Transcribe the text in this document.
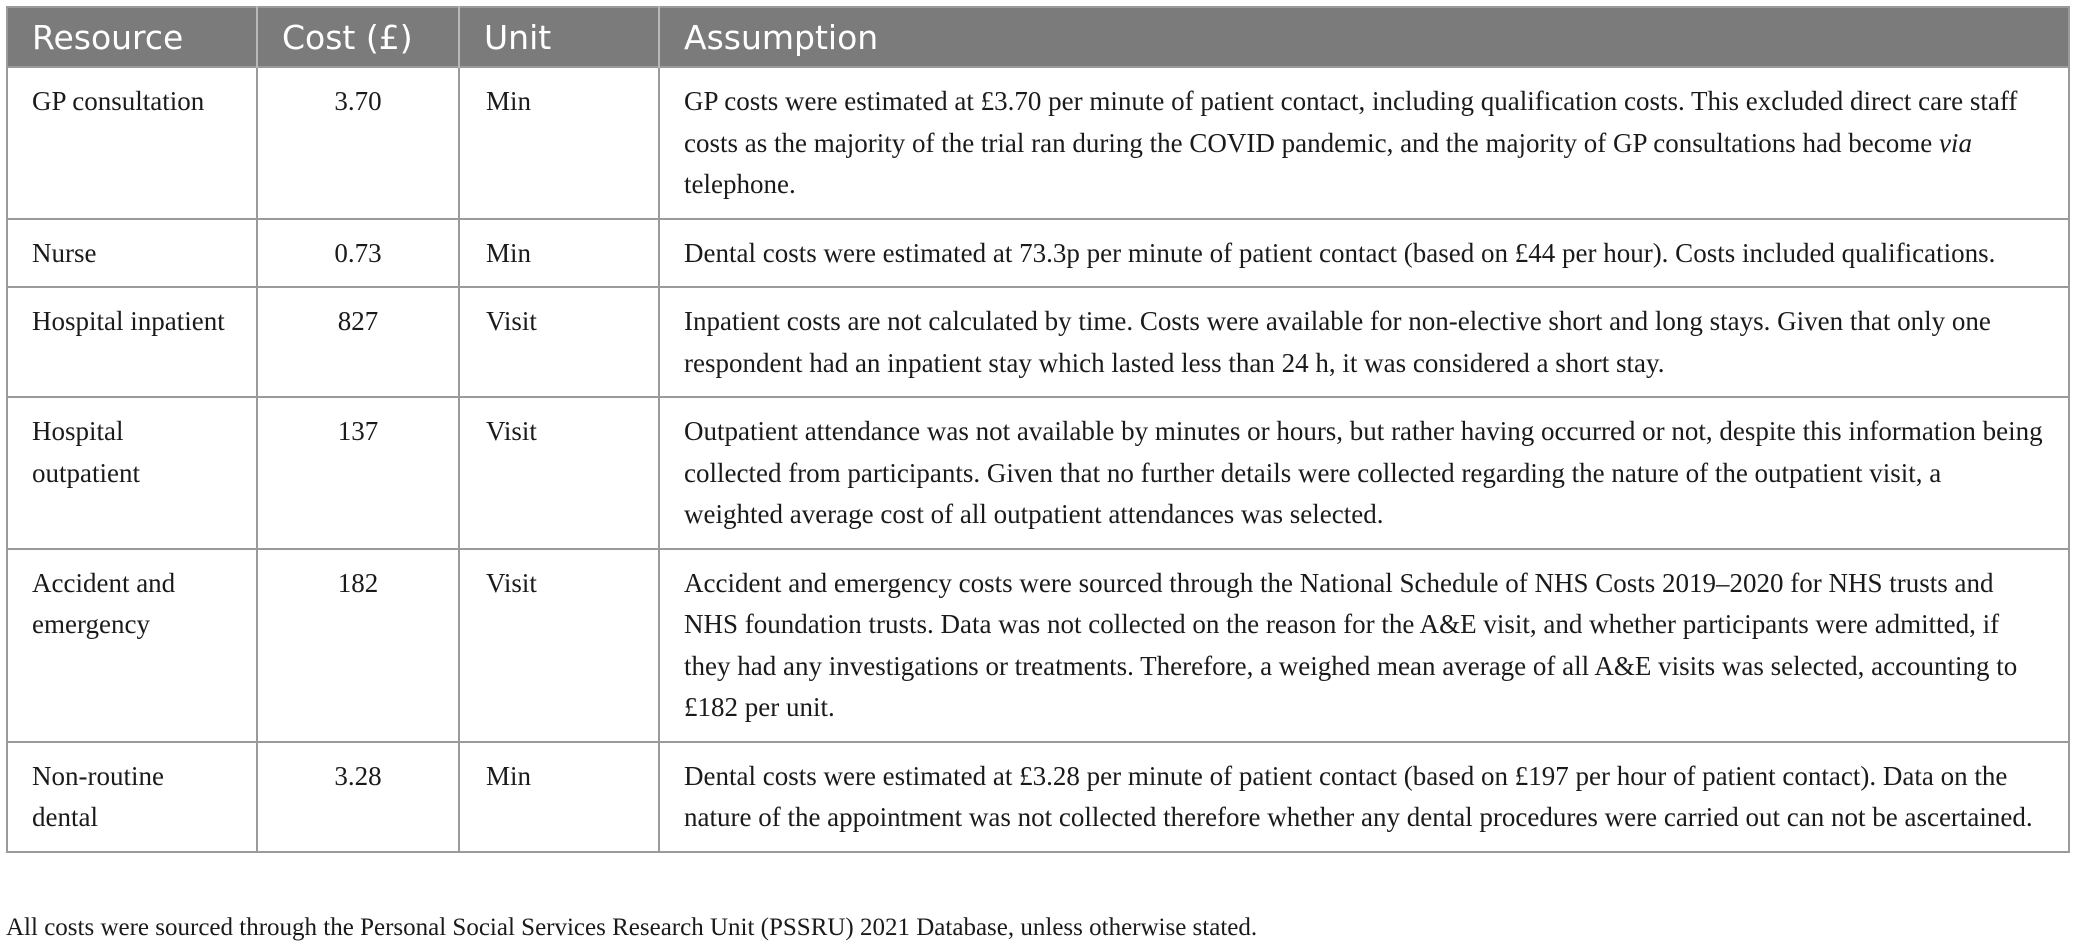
Resource	Cost (£)	Unit	Assumption
GP consultation	3.70	Min	GP costs were estimated at £3.70 per minute of patient contact, including qualification costs. This excluded direct care staff costs as the majority of the trial ran during the COVID pandemic, and the majority of GP consultations had become via telephone.
Nurse	0.73	Min	Dental costs were estimated at 73.3p per minute of patient contact (based on £44 per hour). Costs included qualifications.
Hospital inpatient	827	Visit	Inpatient costs are not calculated by time. Costs were available for non-elective short and long stays. Given that only one respondent had an inpatient stay which lasted less than 24 h, it was considered a short stay.
Hospital outpatient	137	Visit	Outpatient attendance was not available by minutes or hours, but rather having occurred or not, despite this information being collected from participants. Given that no further details were collected regarding the nature of the outpatient visit, a weighted average cost of all outpatient attendances was selected.
Accident and emergency	182	Visit	Accident and emergency costs were sourced through the National Schedule of NHS Costs 2019–2020 for NHS trusts and NHS foundation trusts. Data was not collected on the reason for the A&E visit, and whether participants were admitted, if they had any investigations or treatments. Therefore, a weighed mean average of all A&E visits was selected, accounting to £182 per unit.
Non-routine dental	3.28	Min	Dental costs were estimated at £3.28 per minute of patient contact (based on £197 per hour of patient contact). Data on the nature of the appointment was not collected therefore whether any dental procedures were carried out can not be ascertained.
All costs were sourced through the Personal Social Services Research Unit (PSSRU) 2021 Database, unless otherwise stated.
